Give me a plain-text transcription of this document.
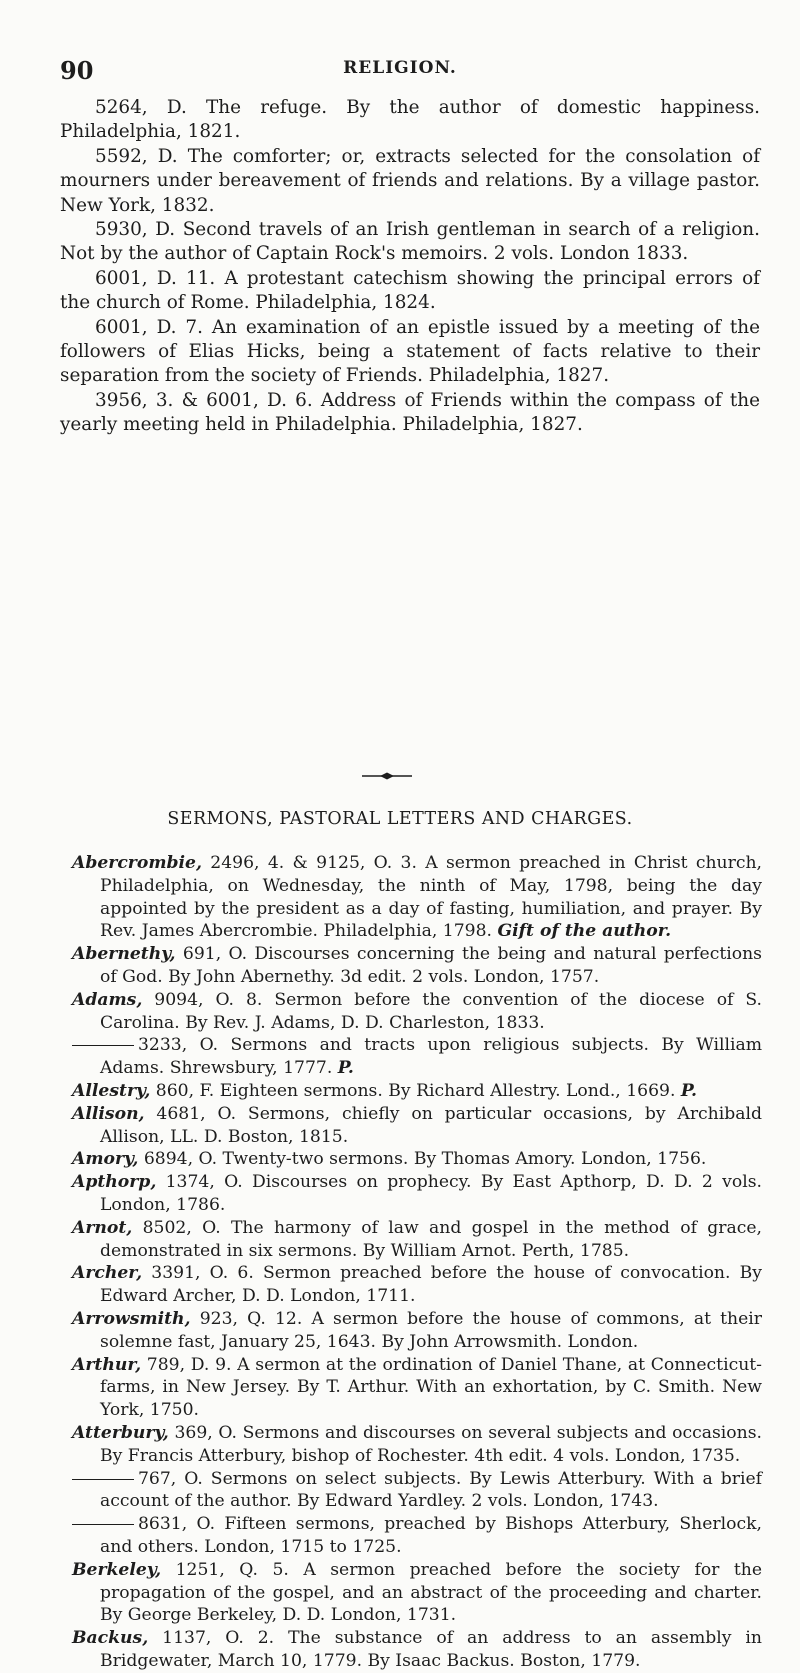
90	RELIGION.

5264, D. The refuge. By the author of domestic happiness. Philadelphia, 1821.

5592, D. The comforter; or, extracts selected for the consolation of mourners under bereavement of friends and relations. By a village pastor. New York, 1832.

5930, D. Second travels of an Irish gentleman in search of a religion. Not by the author of Captain Rock's memoirs. 2 vols. London 1833.

6001, D. 11. A protestant catechism showing the principal errors of the church of Rome. Philadelphia, 1824.

6001, D. 7. An examination of an epistle issued by a meeting of the followers of Elias Hicks, being a statement of facts relative to their separation from the society of Friends. Philadelphia, 1827.

3956, 3. & 6001, D. 6. Address of Friends within the compass of the yearly meeting held in Philadelphia. Philadelphia, 1827.

SERMONS, PASTORAL LETTERS AND CHARGES.

Abercrombie, 2496, 4. & 9125, O. 3. A sermon preached in Christ church, Philadelphia, on Wednesday, the ninth of May, 1798, being the day appointed by the president as a day of fasting, humiliation, and prayer. By Rev. James Abercrombie. Philadelphia, 1798. Gift of the author.

Abernethy, 691, O. Discourses concerning the being and natural perfections of God. By John Abernethy. 3d edit. 2 vols. London, 1757.

Adams, 9094, O. 8. Sermon before the convention of the diocese of S. Carolina. By Rev. J. Adams, D. D. Charleston, 1833.

3233, O. Sermons and tracts upon religious subjects. By William Adams. Shrewsbury, 1777. P.

Allestry, 860, F. Eighteen sermons. By Richard Allestry. Lond., 1669. P.

Allison, 4681, O. Sermons, chiefly on particular occasions, by Archibald Allison, LL. D. Boston, 1815.

Amory, 6894, O. Twenty-two sermons. By Thomas Amory. London, 1756.

Apthorp, 1374, O. Discourses on prophecy. By East Apthorp, D. D. 2 vols. London, 1786.

Arnot, 8502, O. The harmony of law and gospel in the method of grace, demonstrated in six sermons. By William Arnot. Perth, 1785.

Archer, 3391, O. 6. Sermon preached before the house of convocation. By Edward Archer, D. D. London, 1711.

Arrowsmith, 923, Q. 12. A sermon before the house of commons, at their solemne fast, January 25, 1643. By John Arrowsmith. London.

Arthur, 789, D. 9. A sermon at the ordination of Daniel Thane, at Connecticut-farms, in New Jersey. By T. Arthur. With an exhortation, by C. Smith. New York, 1750.

Atterbury, 369, O. Sermons and discourses on several subjects and occasions. By Francis Atterbury, bishop of Rochester. 4th edit. 4 vols. London, 1735.

767, O. Sermons on select subjects. By Lewis Atterbury. With a brief account of the author. By Edward Yardley. 2 vols. London, 1743.

8631, O. Fifteen sermons, preached by Bishops Atterbury, Sherlock, and others. London, 1715 to 1725.

Berkeley, 1251, Q. 5. A sermon preached before the society for the propagation of the gospel, and an abstract of the proceeding and charter. By George Berkeley, D. D. London, 1731.

Backus, 1137, O. 2. The substance of an address to an assembly in Bridgewater, March 10, 1779. By Isaac Backus. Boston, 1779.
